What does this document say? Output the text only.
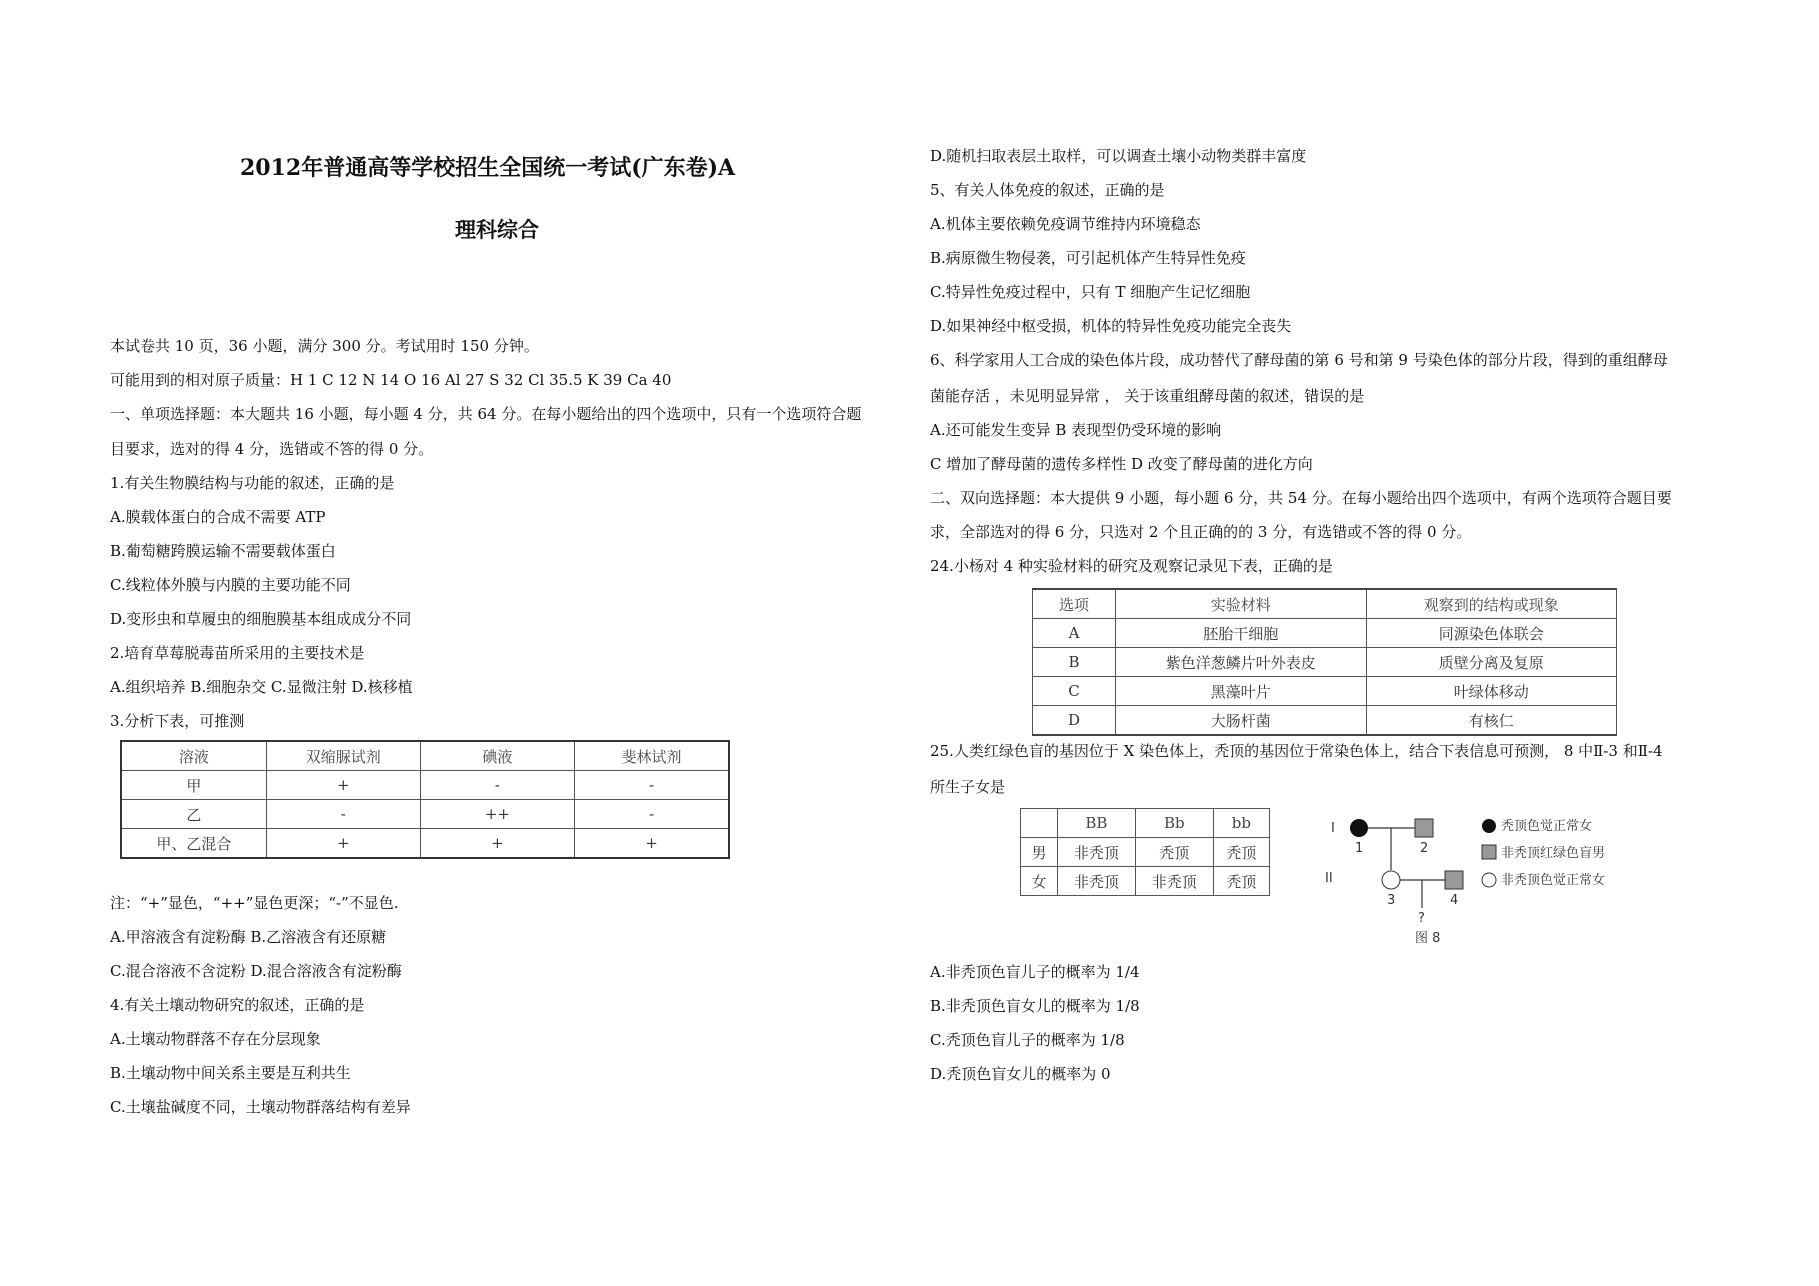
2012年普通高等学校招生全国统一考试(广东卷)A
理科综合
本试卷共 10 页，36 小题，满分 300 分。考试用时 150 分钟。
可能用到的相对原子质量：H 1 C 12 N 14 O 16 Al 27 S 32 Cl 35.5 K 39 Ca 40
一、单项选择题：本大题共 16 小题，每小题 4 分，共 64 分。在每小题给出的四个选项中，只有一个选项符合题
目要求，选对的得 4 分，选错或不答的得 0 分。
1.有关生物膜结构与功能的叙述，正确的是
A.膜载体蛋白的合成不需要 ATP
B.葡萄糖跨膜运输不需要载体蛋白
C.线粒体外膜与内膜的主要功能不同
D.变形虫和草履虫的细胞膜基本组成成分不同
2.培育草莓脱毒苗所采用的主要技术是
A.组织培养 B.细胞杂交 C.显微注射 D.核移植
3.分析下表，可推测
溶液	双缩脲试剂	碘液	斐林试剂
甲	+	-	-
乙	-	++	-
甲、乙混合	+	+	+
注：“+”显色，“++”显色更深；“-”不显色.
A.甲溶液含有淀粉酶 B.乙溶液含有还原糖
C.混合溶液不含淀粉 D.混合溶液含有淀粉酶
4.有关土壤动物研究的叙述，正确的是
A.土壤动物群落不存在分层现象
B.土壤动物中间关系主要是互利共生
C.土壤盐碱度不同，土壤动物群落结构有差异
D.随机扫取表层土取样，可以调查土壤小动物类群丰富度
5、有关人体免疫的叙述，正确的是
A.机体主要依赖免疫调节维持内环境稳态
B.病原微生物侵袭，可引起机体产生特异性免疫
C.特异性免疫过程中，只有 T 细胞产生记忆细胞
D.如果神经中枢受损，机体的特异性免疫功能完全丧失
6、科学家用人工合成的染色体片段，成功替代了酵母菌的第 6 号和第 9 号染色体的部分片段，得到的重组酵母
菌能存活 ，未见明显异常 ， 关于该重组酵母菌的叙述，错误的是
A.还可能发生变异 B 表现型仍受环境的影响
C 增加了酵母菌的遗传多样性 D 改变了酵母菌的进化方向
二、双向选择题：本大提供 9 小题，每小题 6 分，共 54 分。在每小题给出四个选项中，有两个选项符合题目要
求，全部选对的得 6 分，只选对 2 个且正确的的 3 分，有选错或不答的得 0 分。
24.小杨对 4 种实验材料的研究及观察记录见下表，正确的是
选项	实验材料	观察到的结构或现象
A	胚胎干细胞	同源染色体联会
B	紫色洋葱鳞片叶外表皮	质壁分离及复原
C	黑藻叶片	叶绿体移动
D	大肠杆菌	有核仁
25.人类红绿色盲的基因位于 X 染色体上，秃顶的基因位于常染色体上，结合下表信息可预测， 8 中Ⅱ-3 和Ⅱ-4
所生子女是
	BB	Bb	bb
男	非秃顶	秃顶	秃顶
女	非秃顶	非秃顶	秃顶
I
II
1	2
3	4
?
图 8
秃顶色觉正常女
非秃顶红绿色盲男
非秃顶色觉正常女
A.非秃顶色盲儿子的概率为 1/4
B.非秃顶色盲女儿的概率为 1/8
C.秃顶色盲儿子的概率为 1/8
D.秃顶色盲女儿的概率为 0
